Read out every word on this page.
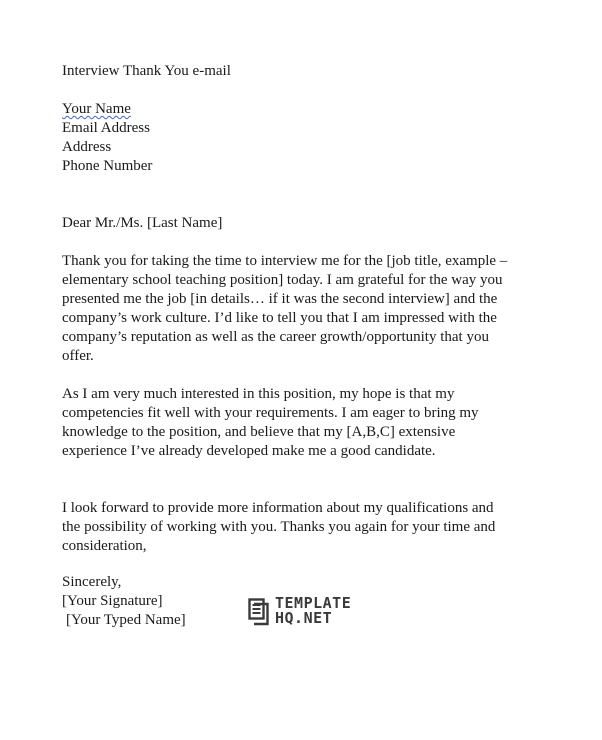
Interview Thank You e-mail
Your Name
Email Address
Address
Phone Number
Dear Mr./Ms. [Last Name]

Thank you for taking the time to interview me for the [job title, example – elementary school teaching position] today. I am grateful for the way you presented me the job [in details… if it was the second interview] and the company’s work culture. I’d like to tell you that I am impressed with the company’s reputation as well as the career growth/opportunity that you offer.

As I am very much interested in this position, my hope is that my competencies fit well with your requirements. I am eager to bring my knowledge to the position, and believe that my [A,B,C] extensive experience I’ve already developed make me a good candidate.

I look forward to provide more information about my qualifications and the possibility of working with you. Thanks you again for your time and consideration,

Sincerely,
[Your Signature]
[Your Typed Name]
TEMPLATE
HQ.NET
